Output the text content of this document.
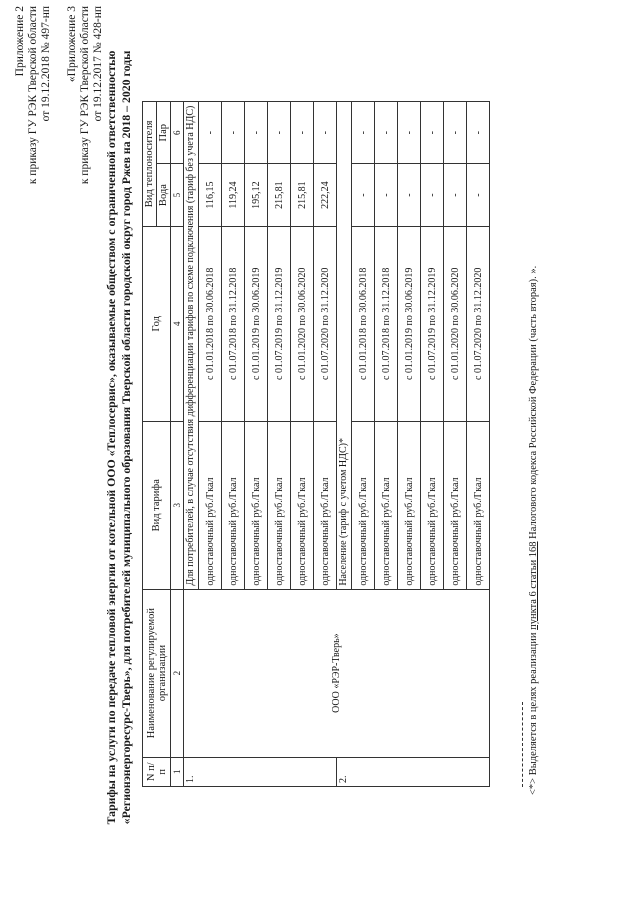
Приложение 2 к приказу ГУ РЭК Тверской области от 19.12.2018 № 497-нп «Приложение 3 к приказу ГУ РЭК Тверской области от 19.12.2017 № 428-нп Тарифы на услуги по передаче тепловой энергии от котельной ООО «Теплосервис», оказываемые обществом с ограниченной ответственностью «Регионэнергоресурс-Тверь», для потребителей муниципального образования Тверской области городской округ город Ржев на 2018 – 2020 годы N п/п	Наименование регулируемой организации	Вид тарифа	Год	Вид теплоносителя	
				Вода	Пар
1	2	3	4	5	6
1.	ООО «РЭР-Тверь»	Для потребителей, в случае отсутствия дифференциации тарифов по схеме подключения (тариф без учета НДС)			
		одноставочный руб./Гкал	с 01.01.2018 по 30.06.2018	116,15	-
		одноставочный руб./Гкал	с 01.07.2018 по 31.12.2018	119,24	-
		одноставочный руб./Гкал	с 01.01.2019 по 30.06.2019	195,12	-
		одноставочный руб./Гкал	с 01.07.2019 по 31.12.2019	215,81	-
		одноставочный руб./Гкал	с 01.01.2020 по 30.06.2020	215,81	-
		одноставочный руб./Гкал	с 01.07.2020 по 31.12.2020	222,24	-
2.		Население (тариф с учетом НДС)*			
		одноставочный руб./Гкал	с 01.01.2018 по 30.06.2018	-	-
		одноставочный руб./Гкал	с 01.07.2018 по 31.12.2018	-	-
		одноставочный руб./Гкал	с 01.01.2019 по 30.06.2019	-	-
		одноставочный руб./Гкал	с 01.07.2019 по 31.12.2019	-	-
		одноставочный руб./Гкал	с 01.01.2020 по 30.06.2020	-	-
		одноставочный руб./Гкал	с 01.07.2020 по 31.12.2020	-	-
<*> Выделяется в целях реализации пункта 6 статьи 168 Налогового кодекса Российской Федерации (часть вторая). ».
